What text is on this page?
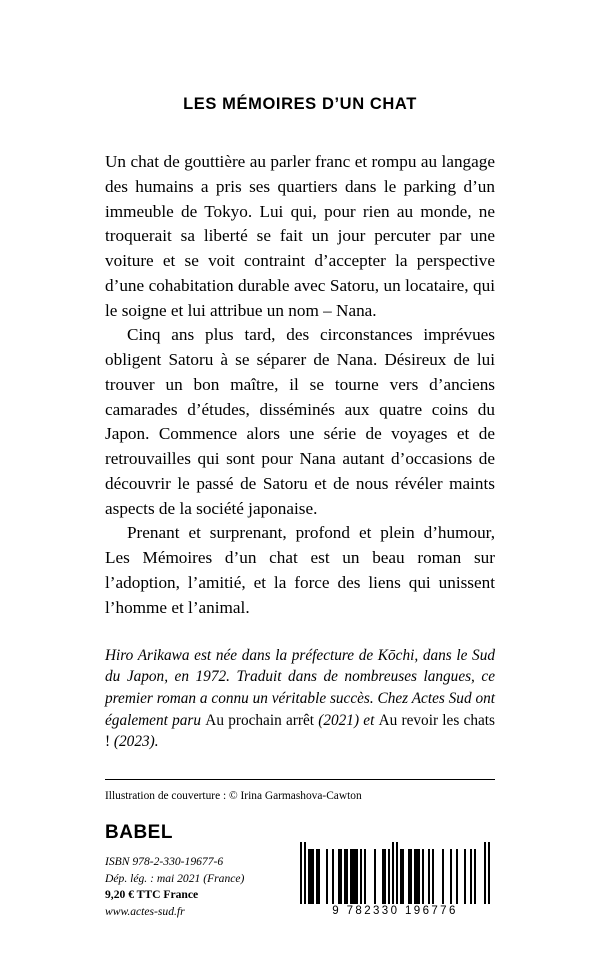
LES MÉMOIRES D’UN CHAT

Un chat de gouttière au parler franc et rompu au langage des humains a pris ses quartiers dans le parking d’un immeuble de Tokyo. Lui qui, pour rien au monde, ne troquerait sa liberté se fait un jour percuter par une voiture et se voit contraint d’accepter la perspective d’une cohabitation durable avec Satoru, un locataire, qui le soigne et lui attribue un nom – Nana.

Cinq ans plus tard, des circonstances imprévues obligent Satoru à se séparer de Nana. Désireux de lui trouver un bon maître, il se tourne vers d’anciens camarades d’études, disséminés aux quatre coins du Japon. Commence alors une série de voyages et de retrouvailles qui sont pour Nana autant d’occasions de découvrir le passé de Satoru et de nous révéler maints aspects de la société japonaise.

Prenant et surprenant, profond et plein d’humour, Les Mémoires d’un chat est un beau roman sur l’adoption, l’amitié, et la force des liens qui unissent l’homme et l’animal.

Hiro Arikawa est née dans la préfecture de Kōchi, dans le Sud du Japon, en 1972. Traduit dans de nombreuses langues, ce premier roman a connu un véritable succès. Chez Actes Sud ont également paru Au prochain arrêt (2021) et Au revoir les chats ! (2023).

Illustration de couverture : © Irina Garmashova-Cawton
BABEL
ISBN 978-2-330-19677-6
Dép. lég. : mai 2021 (France)
9,20 € TTC France
www.actes-sud.fr	9 782330 196776
